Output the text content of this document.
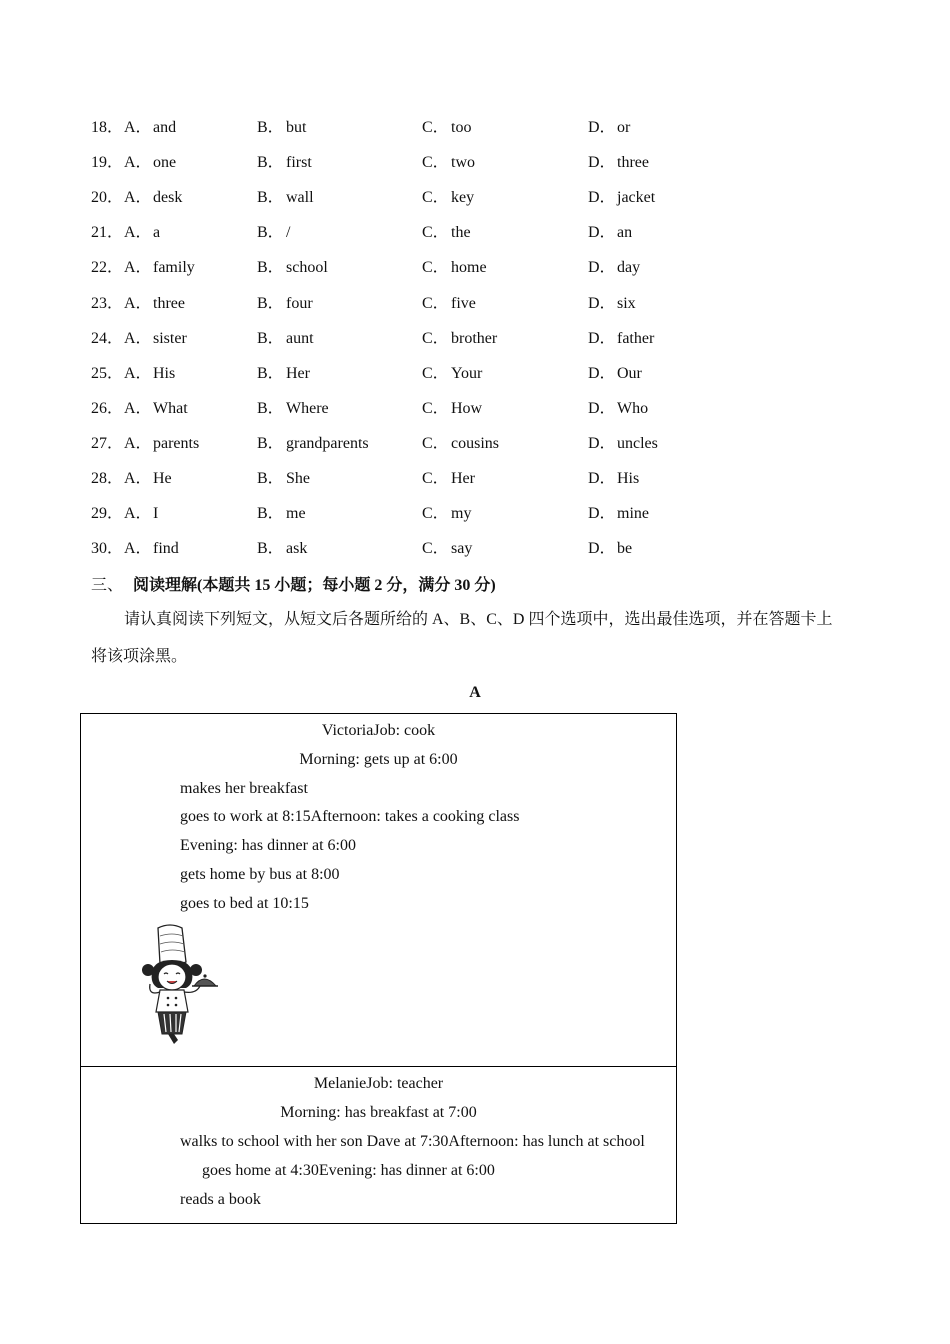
18． A．and	B． but	C． too	D．or
19． A．one	B． first	C． two	D．three
20． A．desk	B． wall	C． key	D．jacket
21． A．a	B． /	C． the	D．an
22． A．family	B． school	C． home	D．day
23． A．three	B． four	C． five	D．six
24． A．sister	B． aunt	C． brother	D．father
25． A．His	B． Her	C． Your	D．Our
26． A．What	B． Where	C． How	D．Who
27． A．parents	B． grandparents	C． cousins	D．uncles
28． A．He	B． She	C． Her	D．His
29． A．I	B． me	C． my	D．mine
30． A．find	B． ask	C． say	D．be
三、 阅读理解(本题共 15 小题；每小题 2 分，满分 30 分)
请认真阅读下列短文，从短文后各题所给的 A、B、C、D 四个选项中，选出最佳选项，并在答题卡上
将该项涂黑。
A
VictoriaJob: cook
Morning: gets up at 6:00
makes her breakfast
goes to work at 8:15Afternoon: takes a cooking class
Evening: has dinner at 6:00
gets home by bus at 8:00
goes to bed at 10:15
MelanieJob: teacher
Morning: has breakfast at 7:00
walks to school with her son Dave at 7:30Afternoon: has lunch at school
goes home at 4:30Evening: has dinner at 6:00
reads a book
